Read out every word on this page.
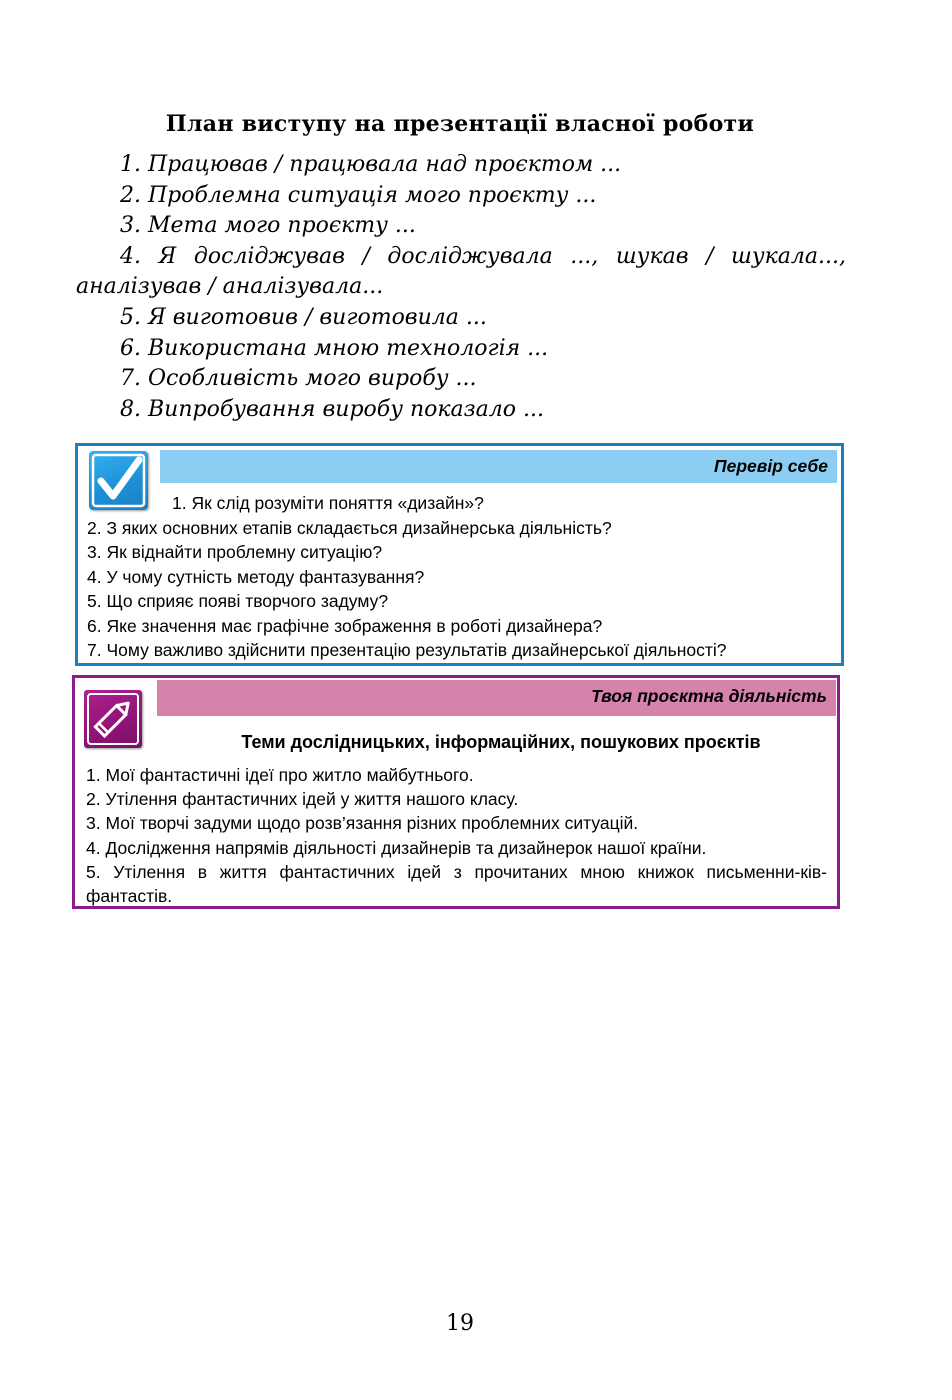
План виступу на презентації власної роботи

1. Працював / працювала над проєктом ...

2. Проблемна ситуація мого проєкту ...

3. Мета мого проєкту ...

4. Я досліджував / досліджувала ..., шукав / шукала..., аналізував / аналізувала...

5. Я виготовив / виготовила ...

6. Використана мною технологія ...

7. Особливість мого виробу ...

8. Випробування виробу показало ...

Перевір себе
1. Як слід розуміти поняття «дизайн»?
2. З яких основних етапів складається дизайнерська діяльність?
3. Як віднайти проблемну ситуацію?
4. У чому сутність методу фантазування?
5. Що сприяє появі творчого задуму?
6. Яке значення має графічне зображення в роботі дизайнера?
7. Чому важливо здійснити презентацію результатів дизайнерської діяльності?
Твоя проєктна діяльність
Теми дослідницьких, інформаційних, пошукових проєктів
1. Мої фантастичні ідеї про житло майбутнього.
2. Утілення фантастичних ідей у життя нашого класу.
3. Мої творчі задуми щодо розв’язання різних проблемних ситуацій.
4. Дослідження напрямів діяльності дизайнерів та дизайнерок нашої країни.
5. Утілення в життя фантастичних ідей з прочитаних мною книжок письменни-ків-фантастів.
19
